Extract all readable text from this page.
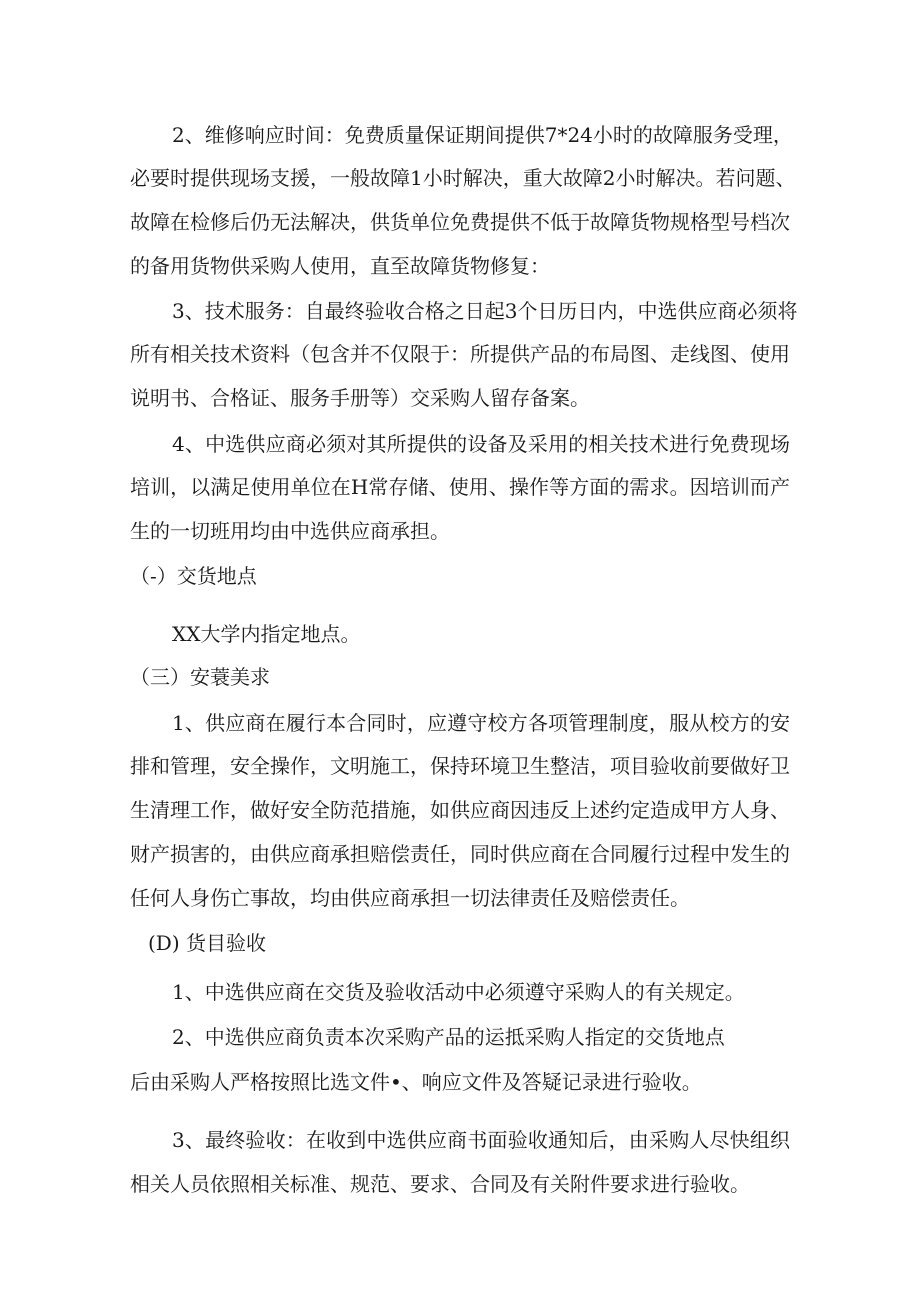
2、维修响应时间：免费质量保证期间提供7*24小时的故障服务受理，
必要时提供现场支援，一般故障1小时解决，重大故障2小时解决。若问题、
故障在检修后仍无法解决，供货单位免费提供不低于故障货物规格型号档次
的备用货物供采购人使用，直至故障货物修复：
3、技术服务：自最终验收合格之日起3个日历日内，中选供应商必须将
所有相关技术资料（包含并不仅限于：所提供产品的布局图、走线图、使用
说明书、合格证、服务手册等）交采购人留存备案。
4、中选供应商必须对其所提供的设备及采用的相关技术进行免费现场
培训，以满足使用单位在H常存储、使用、操作等方面的需求。因培训而产
生的一切班用均由中选供应商承担。
（-）交货地点
XX大学内指定地点。
（三）安蓑美求
1、供应商在履行本合同时，应遵守校方各项管理制度，服从校方的安
排和管理，安全操作，文明施工，保持环境卫生整洁，项目验收前要做好卫
生清理工作，做好安全防范措施，如供应商因违反上述约定造成甲方人身、
财产损害的，由供应商承担赔偿责任，同时供应商在合同履行过程中发生的
任何人身伤亡事故，均由供应商承担一切法律责任及赔偿责任。
(D) 货目验收
1、中选供应商在交货及验收活动中必须遵守采购人的有关规定。
2、中选供应商负责本次采购产品的运抵采购人指定的交货地点
后由采购人严格按照比选文件•、响应文件及答疑记录进行验收。
3、最终验收：在收到中选供应商书面验收通知后，由采购人尽快组织
相关人员依照相关标准、规范、要求、合同及有关附件要求进行验收。
